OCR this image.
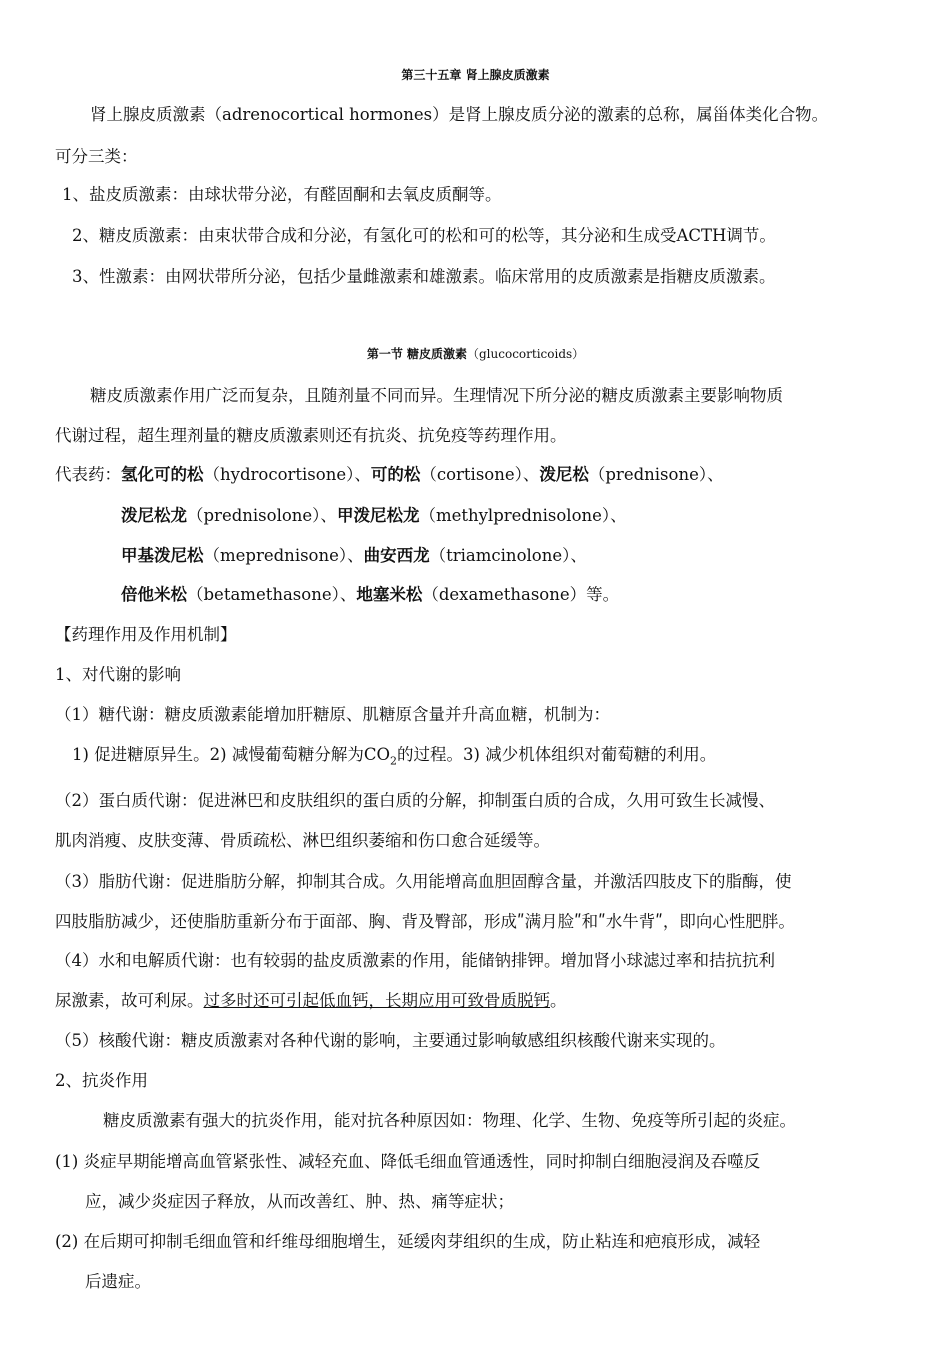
第三十五章 肾上腺皮质激素
肾上腺皮质激素（adrenocortical hormones）是肾上腺皮质分泌的激素的总称，属甾体类化合物。
可分三类：
1、盐皮质激素：由球状带分泌，有醛固酮和去氧皮质酮等。
2、糖皮质激素：由束状带合成和分泌，有氢化可的松和可的松等，其分泌和生成受ACTH调节。
3、性激素：由网状带所分泌，包括少量雌激素和雄激素。临床常用的皮质激素是指糖皮质激素。
第一节 糖皮质激素（glucocorticoids）
糖皮质激素作用广泛而复杂，且随剂量不同而异。生理情况下所分泌的糖皮质激素主要影响物质
代谢过程，超生理剂量的糖皮质激素则还有抗炎、抗免疫等药理作用。
代表药：氢化可的松（hydrocortisone）、可的松（cortisone）、泼尼松（prednisone）、
泼尼松龙（prednisolone）、甲泼尼松龙（methylprednisolone）、
甲基泼尼松（meprednisone）、曲安西龙（triamcinolone）、
倍他米松（betamethasone）、地塞米松（dexamethasone）等。
【药理作用及作用机制】
1、对代谢的影响
（1）糖代谢：糖皮质激素能增加肝糖原、肌糖原含量并升高血糖，机制为：
1) 促进糖原异生。2) 减慢葡萄糖分解为$CO_2$的过程。3) 减少机体组织对葡萄糖的利用。
（2）蛋白质代谢：促进淋巴和皮肤组织的蛋白质的分解，抑制蛋白质的合成，久用可致生长减慢、
肌肉消瘦、皮肤变薄、骨质疏松、淋巴组织萎缩和伤口愈合延缓等。
（3）脂肪代谢：促进脂肪分解，抑制其合成。久用能增高血胆固醇含量，并激活四肢皮下的脂酶，使
四肢脂肪减少，还使脂肪重新分布于面部、胸、背及臀部，形成ʺ满月脸ʺ和ʺ水牛背ʺ，即向心性肥胖。
（4）水和电解质代谢：也有较弱的盐皮质激素的作用，能储钠排钾。增加肾小球滤过率和拮抗抗利
尿激素，故可利尿。过多时还可引起低血钙，长期应用可致骨质脱钙。
（5）核酸代谢：糖皮质激素对各种代谢的影响，主要通过影响敏感组织核酸代谢来实现的。
2、抗炎作用
糖皮质激素有强大的抗炎作用，能对抗各种原因如：物理、化学、生物、免疫等所引起的炎症。
(1) 炎症早期能增高血管紧张性、减轻充血、降低毛细血管通透性，同时抑制白细胞浸润及吞噬反
应，减少炎症因子释放，从而改善红、肿、热、痛等症状；
(2) 在后期可抑制毛细血管和纤维母细胞增生，延缓肉芽组织的生成，防止粘连和疤痕形成，减轻
后遗症。
